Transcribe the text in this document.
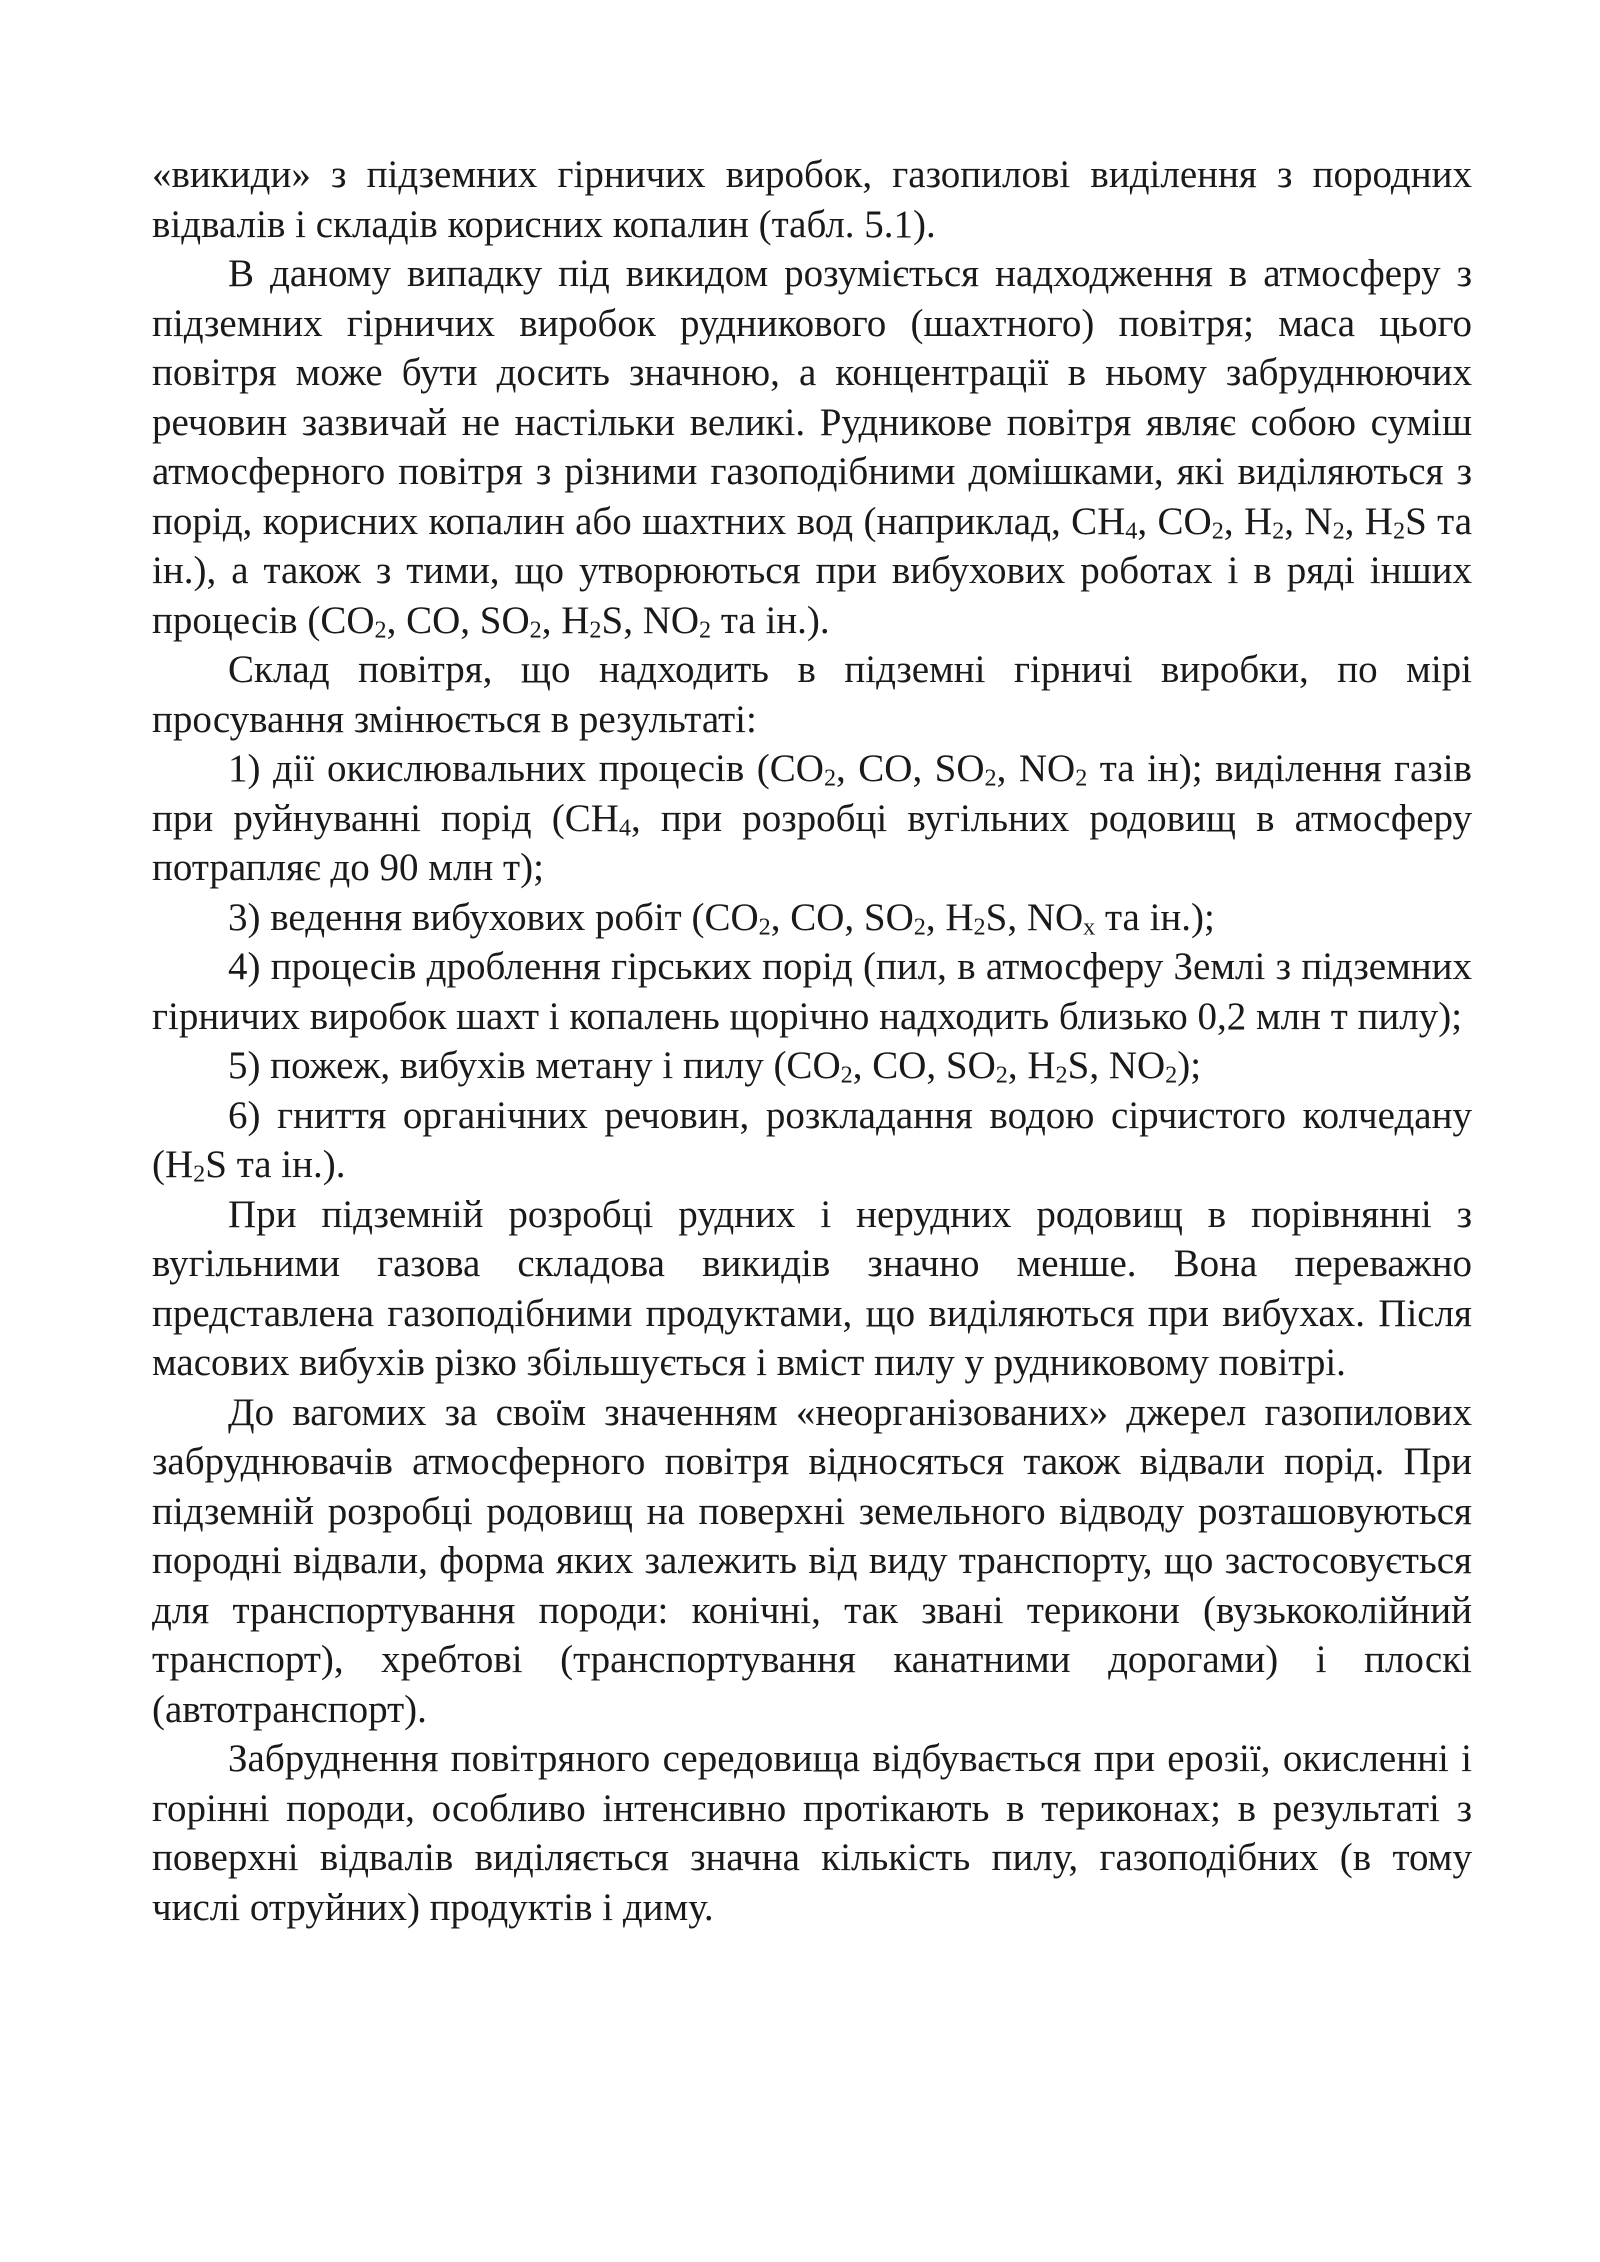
«викиди» з підземних гірничих виробок, газопилові виділення з породних відвалів і складів корисних копалин (табл. 5.1).

В даному випадку під викидом розуміється надходження в атмосферу з підземних гірничих виробок рудникового (шахтного) повітря; маса цього повітря може бути досить значною, а концентрації в ньому забруднюючих речовин зазвичай не настільки великі. Рудникове повітря являє собою суміш атмосферного повітря з різними газоподібними домішками, які виділяються з порід, корисних копалин або шахтних вод (наприклад, $CH_4$, $CO_2$, $H_2$, $N_2$, $H_2S$ та ін.), а також з тими, що утворюються при вибухових роботах і в ряді інших процесів ($CO_2$, CO, $SO_2$, $H_2S$, $NO_2$ та ін.).

Склад повітря, що надходить в підземні гірничі виробки, по мірі просування змінюється в результаті:

1) дії окислювальних процесів ($CO_2$, CO, $SO_2$, $NO_2$ та ін); виділення газів при руйнуванні порід ($CH_4$, при розробці вугільних родовищ в атмосферу потрапляє до 90 млн т);

3) ведення вибухових робіт ($CO_2$, CO, $SO_2$, $H_2S$, $NO_x$ та ін.);

4) процесів дроблення гірських порід (пил, в атмосферу Землі з підземних гірничих виробок шахт і копалень щорічно надходить близько 0,2 млн т пилу);

5) пожеж, вибухів метану і пилу ($CO_2$, CO, $SO_2$, $H_2S$, $NO_2$);

6) гниття органічних речовин, розкладання водою сірчистого колчедану ($H_2S$ та ін.).

При підземній розробці рудних і нерудних родовищ в порівнянні з вугільними газова складова викидів значно менше. Вона переважно представлена газоподібними продуктами, що виділяються при вибухах. Після масових вибухів різко збільшується і вміст пилу у рудниковому повітрі.

До вагомих за своїм значенням «неорганізованих» джерел газопилових забруднювачів атмосферного повітря відносяться також відвали порід. При підземній розробці родовищ на поверхні земельного відводу розташовуються породні відвали, форма яких залежить від виду транспорту, що застосовується для транспортування породи: конічні, так звані терикони (вузькоколійний транспорт), хребтові (транспортування канатними дорогами) і плоскі (автотранспорт).

Забруднення повітряного середовища відбувається при ерозії, окисленні і горінні породи, особливо інтенсивно протікають в териконах; в результаті з поверхні відвалів виділяється значна кількість пилу, газоподібних (в тому числі отруйних) продуктів і диму.
